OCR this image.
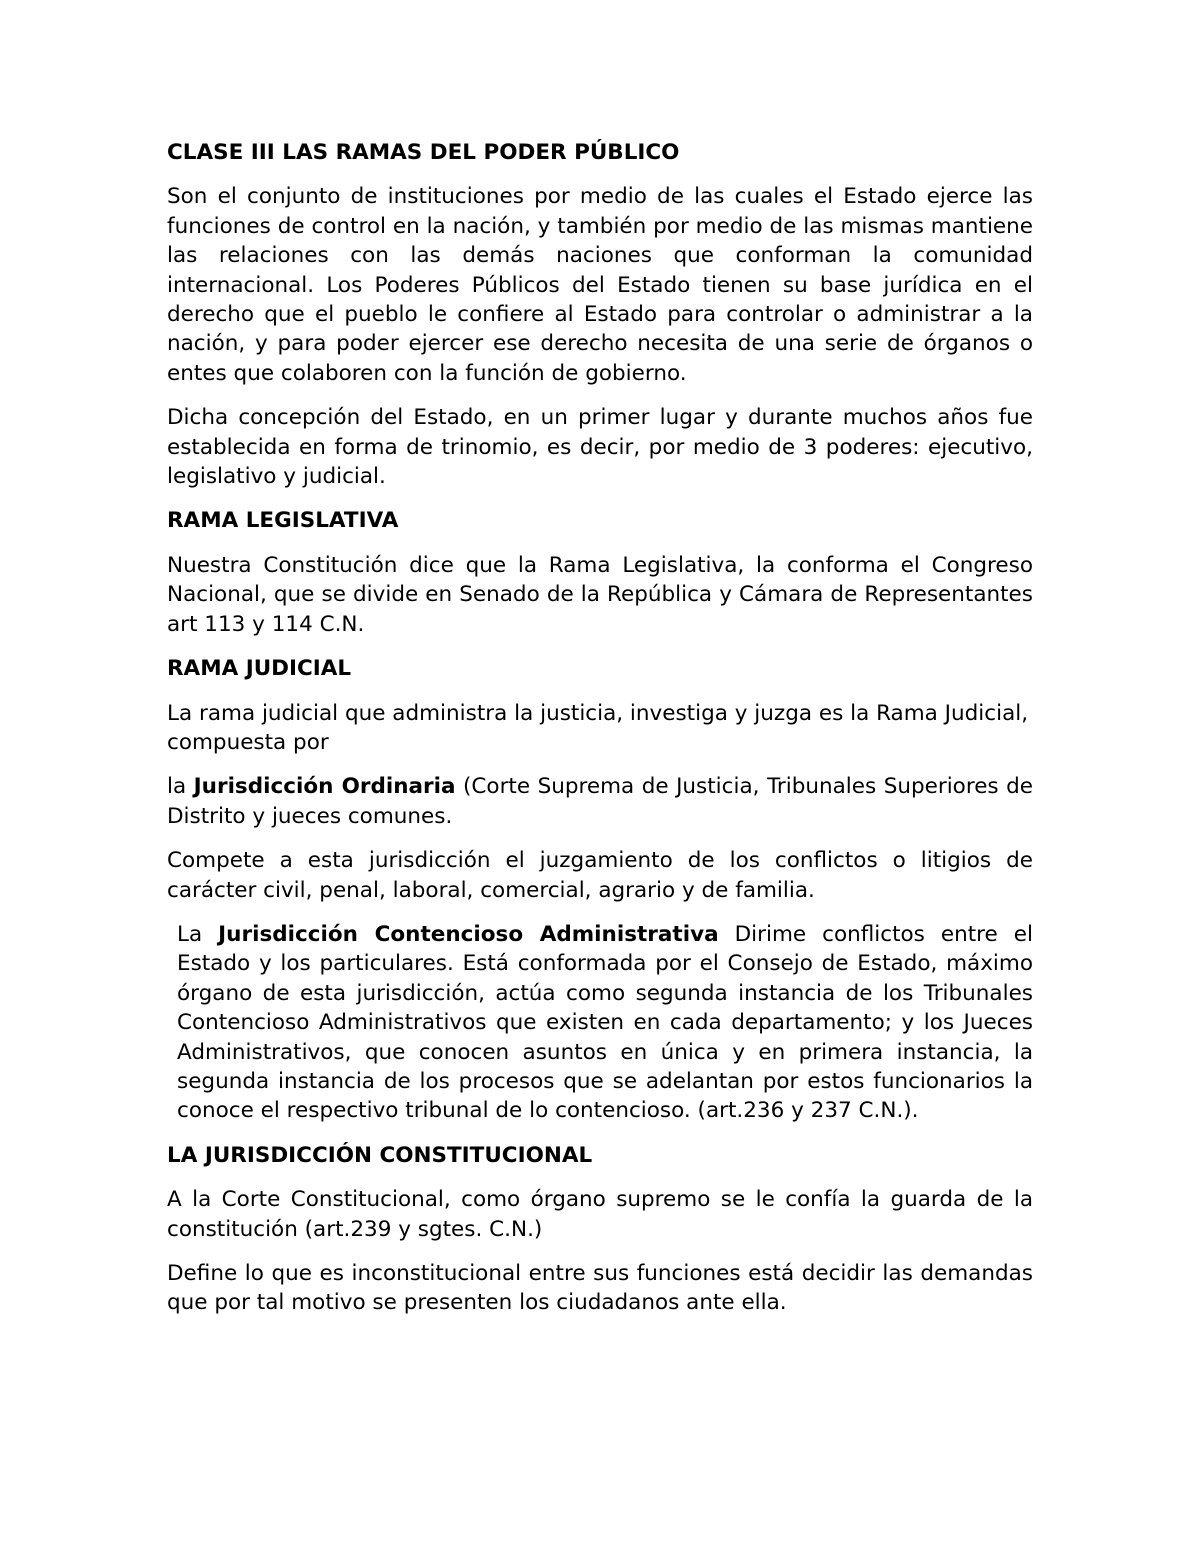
CLASE III LAS RAMAS DEL PODER PÚBLICO

Son el conjunto de instituciones por medio de las cuales el Estado ejerce las funciones de control en la nación, y también por medio de las mismas mantiene las relaciones con las demás naciones que conforman la comunidad internacional. Los Poderes Públicos del Estado tienen su base jurídica en el derecho que el pueblo le confiere al Estado para controlar o administrar a la nación, y para poder ejercer ese derecho necesita de una serie de órganos o entes que colaboren con la función de gobierno.

Dicha concepción del Estado, en un primer lugar y durante muchos años fue establecida en forma de trinomio, es decir, por medio de 3 poderes: ejecutivo, legislativo y judicial.

RAMA LEGISLATIVA

Nuestra Constitución dice que la Rama Legislativa, la conforma el Congreso Nacional, que se divide en Senado de la República y Cámara de Representantes art 113 y 114 C.N.

RAMA JUDICIAL

La rama judicial que administra la justicia, investiga y juzga es la Rama Judicial, compuesta por

la Jurisdicción Ordinaria (Corte Suprema de Justicia, Tribunales Superiores de Distrito y jueces comunes.

Compete a esta jurisdicción el juzgamiento de los conflictos o litigios de carácter civil, penal, laboral, comercial, agrario y de familia.

La Jurisdicción Contencioso Administrativa Dirime conflictos entre el Estado y los particulares. Está conformada por el Consejo de Estado, máximo órgano de esta jurisdicción, actúa como segunda instancia de los Tribunales Contencioso Administrativos que existen en cada departamento; y los Jueces Administrativos, que conocen asuntos en única y en primera instancia, la segunda instancia de los procesos que se adelantan por estos funcionarios la conoce el respectivo tribunal de lo contencioso. (art.236 y 237 C.N.).

LA JURISDICCIÓN CONSTITUCIONAL

A la Corte Constitucional, como órgano supremo se le confía la guarda de la constitución (art.239 y sgtes. C.N.)

Define lo que es inconstitucional entre sus funciones está decidir las demandas que por tal motivo se presenten los ciudadanos ante ella.
